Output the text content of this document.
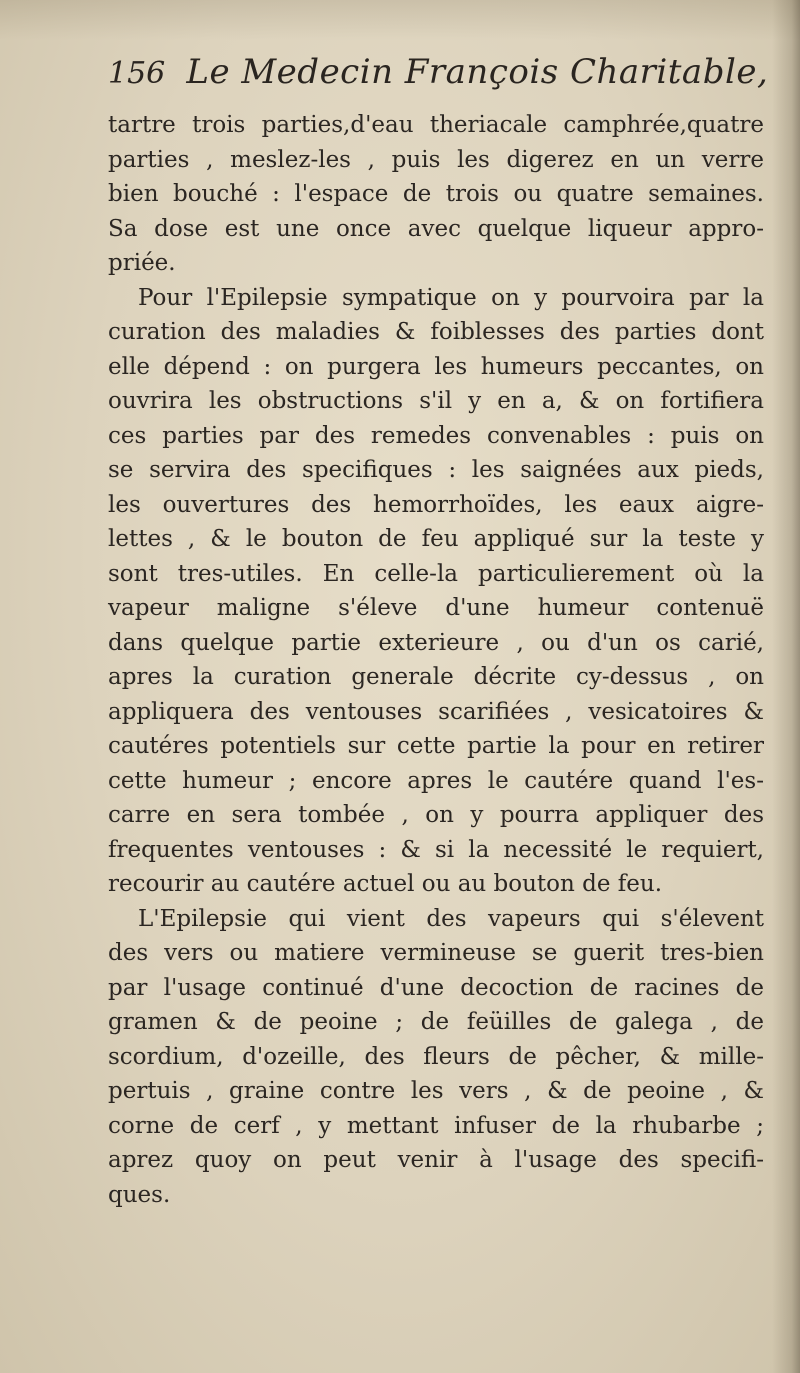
156 Le Medecin François Charitable,
tartre trois parties,d'eau theriacale camphrée,quatre
parties , meslez-les , puis les digerez en un verre
bien bouché : l'espace de trois ou quatre semaines.
Sa dose est une once avec quelque liqueur appro-
priée.
Pour l'Epilepsie sympatique on y pourvoira par la
curation des maladies & foiblesses des parties dont
elle dépend : on purgera les humeurs peccantes, on
ouvrira les obstructions s'il y en a, & on fortifiera
ces parties par des remedes convenables : puis on
se servira des specifiques : les saignées aux pieds,
les ouvertures des hemorrhoïdes, les eaux aigre-
lettes , & le bouton de feu appliqué sur la teste y
sont tres-utiles. En celle-la particulierement où la
vapeur maligne s'éleve d'une humeur contenuë
dans quelque partie exterieure , ou d'un os carié,
apres la curation generale décrite cy-dessus , on
appliquera des ventouses scarifiées , vesicatoires &
cautéres potentiels sur cette partie la pour en retirer
cette humeur ; encore apres le cautére quand l'es-
carre en sera tombée , on y pourra appliquer des
frequentes ventouses : & si la necessité le requiert,
recourir au cautére actuel ou au bouton de feu.
L'Epilepsie qui vient des vapeurs qui s'élevent
des vers ou matiere vermineuse se guerit tres-bien
par l'usage continué d'une decoction de racines de
gramen & de peoine ; de feüilles de galega , de
scordium, d'ozeille, des fleurs de pêcher, & mille-
pertuis , graine contre les vers , & de peoine , &
corne de cerf , y mettant infuser de la rhubarbe ;
aprez quoy on peut venir à l'usage des specifi-
ques.
